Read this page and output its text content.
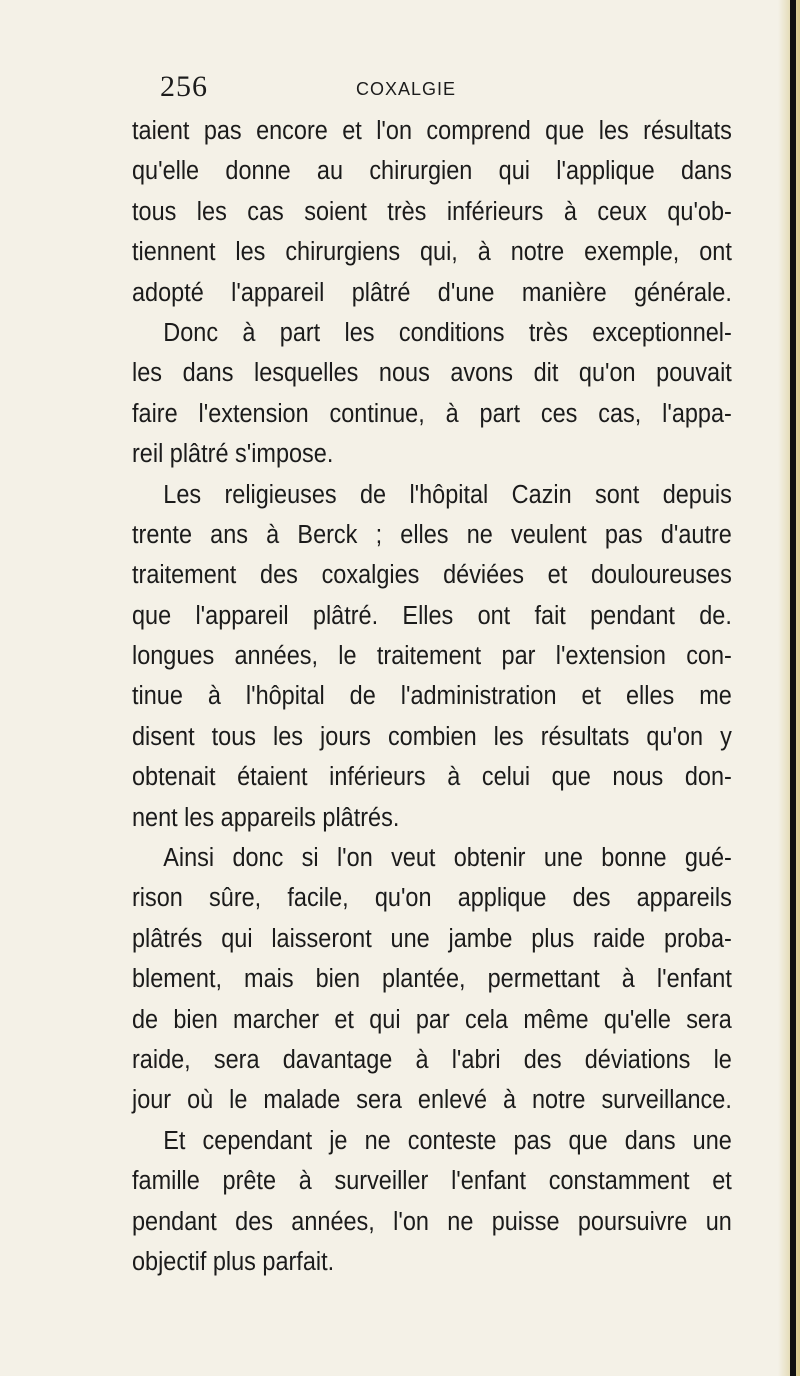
256	COXALGIE
taient pas encore et l'on comprend que les résultats
qu'elle donne au chirurgien qui l'applique dans
tous les cas soient très inférieurs à ceux qu'ob-
tiennent les chirurgiens qui, à notre exemple, ont
adopté l'appareil plâtré d'une manière générale.
Donc à part les conditions très exceptionnel-
les dans lesquelles nous avons dit qu'on pouvait
faire l'extension continue, à part ces cas, l'appa-
reil plâtré s'impose.
Les religieuses de l'hôpital Cazin sont depuis
trente ans à Berck ; elles ne veulent pas d'autre
traitement des coxalgies déviées et douloureuses
que l'appareil plâtré. Elles ont fait pendant de.
longues années, le traitement par l'extension con-
tinue à l'hôpital de l'administration et elles me
disent tous les jours combien les résultats qu'on y
obtenait étaient inférieurs à celui que nous don-
nent les appareils plâtrés.
Ainsi donc si l'on veut obtenir une bonne gué-
rison sûre, facile, qu'on applique des appareils
plâtrés qui laisseront une jambe plus raide proba-
blement, mais bien plantée, permettant à l'enfant
de bien marcher et qui par cela même qu'elle sera
raide, sera davantage à l'abri des déviations le
jour où le malade sera enlevé à notre surveillance.
Et cependant je ne conteste pas que dans une
famille prête à surveiller l'enfant constamment et
pendant des années, l'on ne puisse poursuivre un
objectif plus parfait.
